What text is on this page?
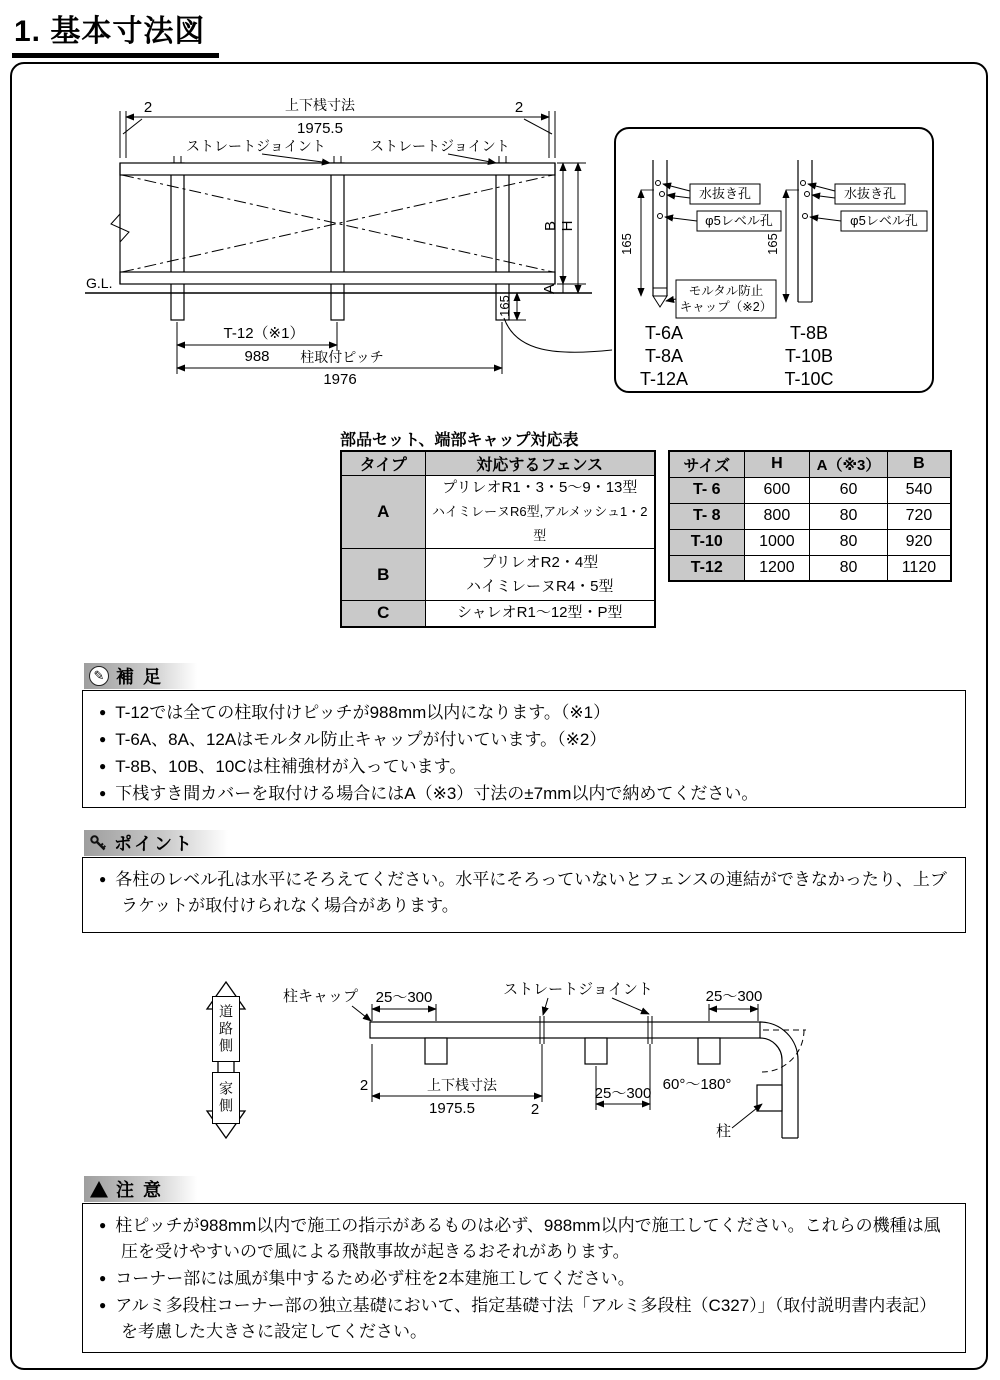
1. 基本寸法図
2	上下桟寸法
1975.5
2
ストレートジョイント	ストレートジョイント
G.L.
B H
A
165
T-12（※1）
988 柱取付ピッチ
1976
水抜き孔
φ5レベル孔
165
モルタル防止
キャップ（※2）
T-6A
T-8A
T-12A
水抜き孔
φ5レベル孔
165
T-8B
T-10B
T-10C
部品セット、端部キャップ対応表
タイプ	対応するフェンス
A	プリレオR1・3・5～9・13型
ハイミレーヌR6型,アルメッシュ1・2型

B	プリレオR2・4型
ハイミレーヌR4・5型

C	シャレオR1～12型・P型
サイズ	H	A（※3）	B
T- 6	600	60	540
T- 8	800	80	720
T-10	1000	80	920
T-12	1200	80	1120
✎ 補 足
● T-12では全ての柱取付けピッチが988mm以内になります。（※1）
● T-6A、8A、12Aはモルタル防止キャップが付いています。（※2）
● T-8B、10B、10Cは柱補強材が入っています。
● 下桟すき間カバーを取付ける場合にはA（※3）寸法の±7mm以内で納めてください。
ポイント
● 各柱のレベル孔は水平にそろえてください。水平にそろっていないとフェンスの連結ができなかったり、上ブラケットが取付けられなく場合があります。
柱キャップ 25～300	ストレートジョイント	25～300
2	上下桟寸法
1975.5	2
25～300
60°～180°
柱
道路側
家側
! 注 意
● 柱ピッチが988mm以内で施工の指示があるものは必ず、988mm以内で施工してください。これらの機種は風圧を受けやすいので風による飛散事故が起きるおそれがあります。
● コーナー部には風が集中するため必ず柱を2本建施工してください。
● アルミ多段柱コーナー部の独立基礎において、指定基礎寸法「アルミ多段柱（C327）」（取付説明書内表記）を考慮した大きさに設定してください。
